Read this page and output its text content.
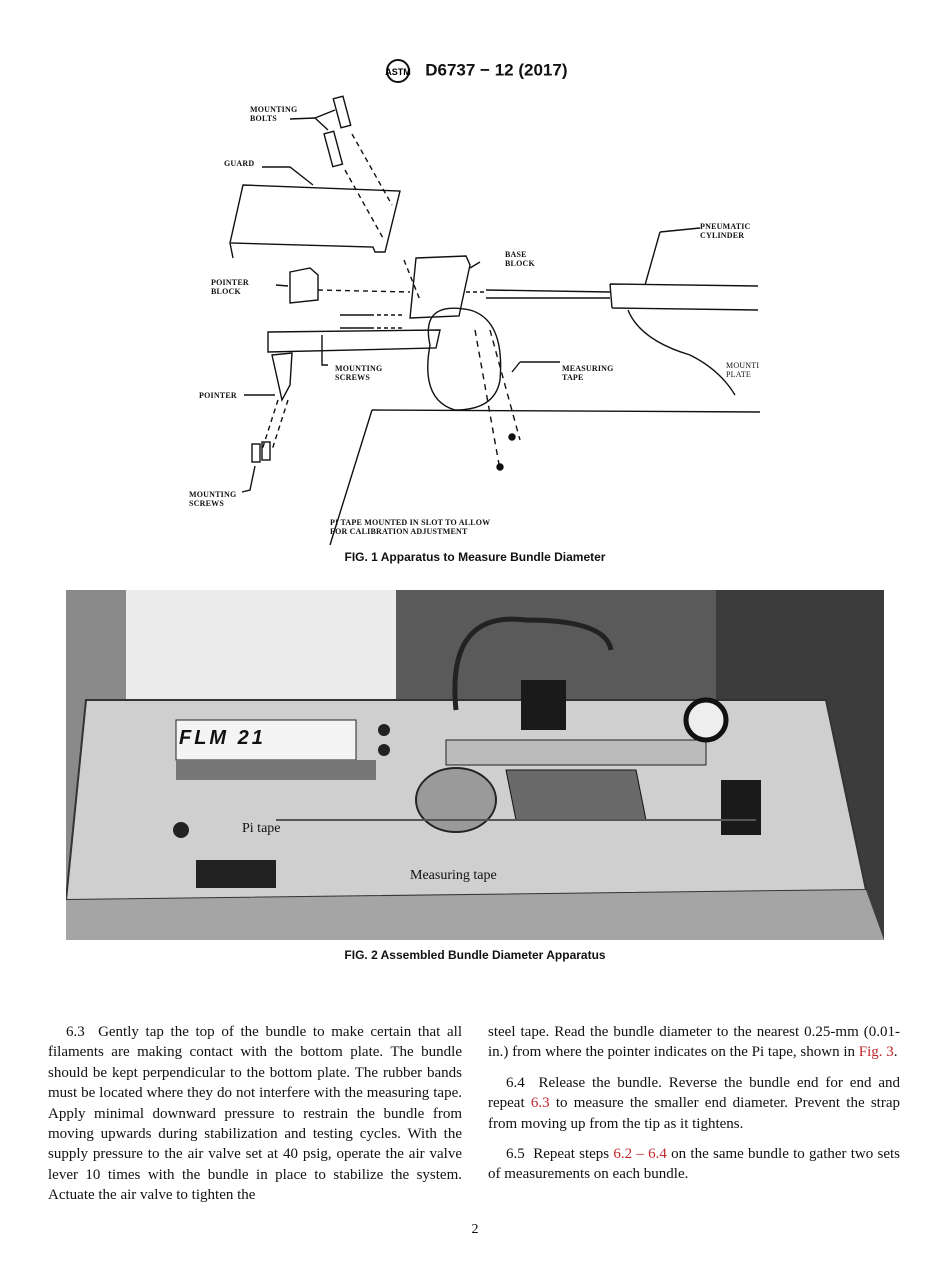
ASTM D6737 − 12 (2017)
MOUNTING
BOLTS
GUARD
PNEUMATIC
CYLINDER
BASE
BLOCK
POINTER
BLOCK
MOUNTING
SCREWS
MEASURING
TAPE
MOUNTI
PLATE
POINTER
MOUNTING
SCREWS
PI TAPE MOUNTED IN SLOT TO ALLOW
FOR CALIBRATION ADJUSTMENT
FIG. 1 Apparatus to Measure Bundle Diameter
FLM 21
Pi tape
Measuring tape
FIG. 2 Assembled Bundle Diameter Apparatus

6.3 Gently tap the top of the bundle to make certain that all filaments are making contact with the bottom plate. The bundle should be kept perpendicular to the bottom plate. The rubber bands must be located where they do not interfere with the measuring tape. Apply minimal downward pressure to restrain the bundle from moving upwards during stabilization and testing cycles. With the supply pressure to the air valve set at 40 psig, operate the air valve lever 10 times with the bundle in place to stabilize the system. Actuate the air valve to tighten the

steel tape. Read the bundle diameter to the nearest 0.25-mm (0.01-in.) from where the pointer indicates on the Pi tape, shown in Fig. 3.

6.4 Release the bundle. Reverse the bundle end for end and repeat 6.3 to measure the smaller end diameter. Prevent the strap from moving up from the tip as it tightens.

6.5 Repeat steps 6.2 – 6.4 on the same bundle to gather two sets of measurements on each bundle.

2
